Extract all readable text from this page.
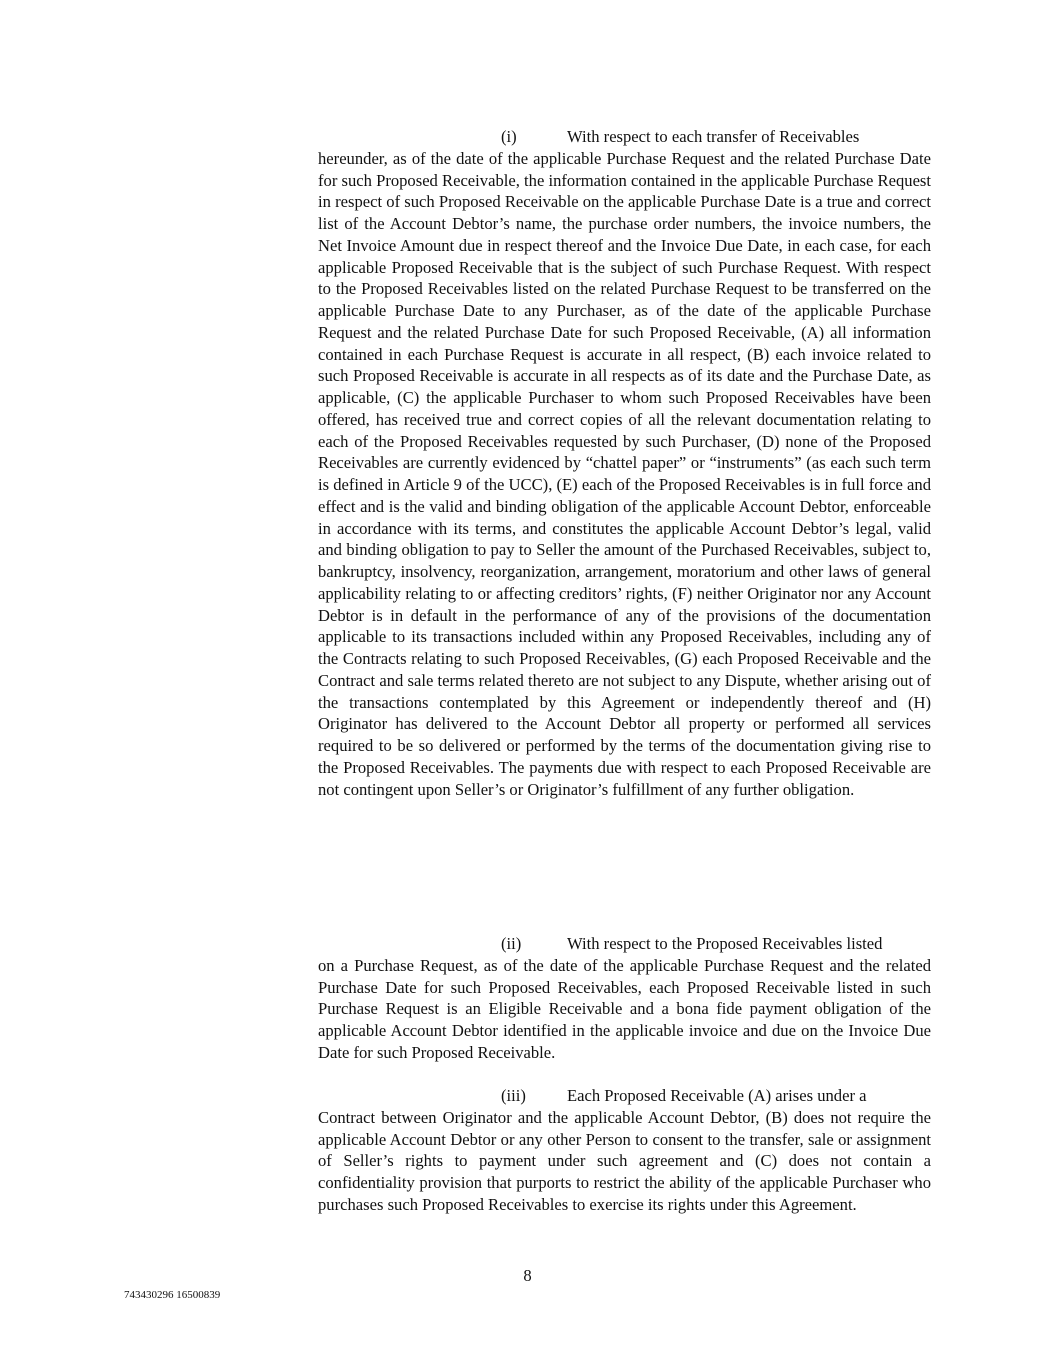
(i)	With respect to each transfer of Receivables
hereunder, as of the date of the applicable Purchase Request and the related Purchase Date for such Proposed Receivable, the information contained in the applicable Purchase Request in respect of such Proposed Receivable on the applicable Purchase Date is a true and correct list of the Account Debtor’s name, the purchase order numbers, the invoice numbers, the Net Invoice Amount due in respect thereof and the Invoice Due Date, in each case, for each applicable Proposed Receivable that is the subject of such Purchase Request. With respect to the Proposed Receivables listed on the related Purchase Request to be transferred on the applicable Purchase Date to any Purchaser, as of the date of the applicable Purchase Request and the related Purchase Date for such Proposed Receivable, (A) all information contained in each Purchase Request is accurate in all respect, (B) each invoice related to such Proposed Receivable is accurate in all respects as of its date and the Purchase Date, as applicable, (C) the applicable Purchaser to whom such Proposed Receivables have been offered, has received true and correct copies of all the relevant documentation relating to each of the Proposed Receivables requested by such Purchaser, (D) none of the Proposed Receivables are currently evidenced by “chattel paper” or “instruments” (as each such term is defined in Article 9 of the UCC), (E) each of the Proposed Receivables is in full force and effect and is the valid and binding obligation of the applicable Account Debtor, enforceable in accordance with its terms, and constitutes the applicable Account Debtor’s legal, valid and binding obligation to pay to Seller the amount of the Purchased Receivables, subject to, bankruptcy, insolvency, reorganization, arrangement, moratorium and other laws of general applicability relating to or affecting creditors’ rights, (F) neither Originator nor any Account Debtor is in default in the performance of any of the provisions of the documentation applicable to its transactions included within any Proposed Receivables, including any of the Contracts relating to such Proposed Receivables, (G) each Proposed Receivable and the Contract and sale terms related thereto are not subject to any Dispute, whether arising out of the transactions contemplated by this Agreement or independently thereof and (H) Originator has delivered to the Account Debtor all property or performed all services required to be so delivered or performed by the terms of the documentation giving rise to the Proposed Receivables. The payments due with respect to each Proposed Receivable are not contingent upon Seller’s or Originator’s fulfillment of any further obligation.
(ii)	With respect to the Proposed Receivables listed
on a Purchase Request, as of the date of the applicable Purchase Request and the related Purchase Date for such Proposed Receivables, each Proposed Receivable listed in such Purchase Request is an Eligible Receivable and a bona fide payment obligation of the applicable Account Debtor identified in the applicable invoice and due on the Invoice Due Date for such Proposed Receivable.
(iii) Each Proposed Receivable (A) arises under a
Contract between Originator and the applicable Account Debtor, (B) does not require the applicable Account Debtor or any other Person to consent to the transfer, sale or assignment of Seller’s rights to payment under such agreement and (C) does not contain a confidentiality provision that purports to restrict the ability of the applicable Purchaser who purchases such Proposed Receivables to exercise its rights under this Agreement.
8
743430296 16500839
